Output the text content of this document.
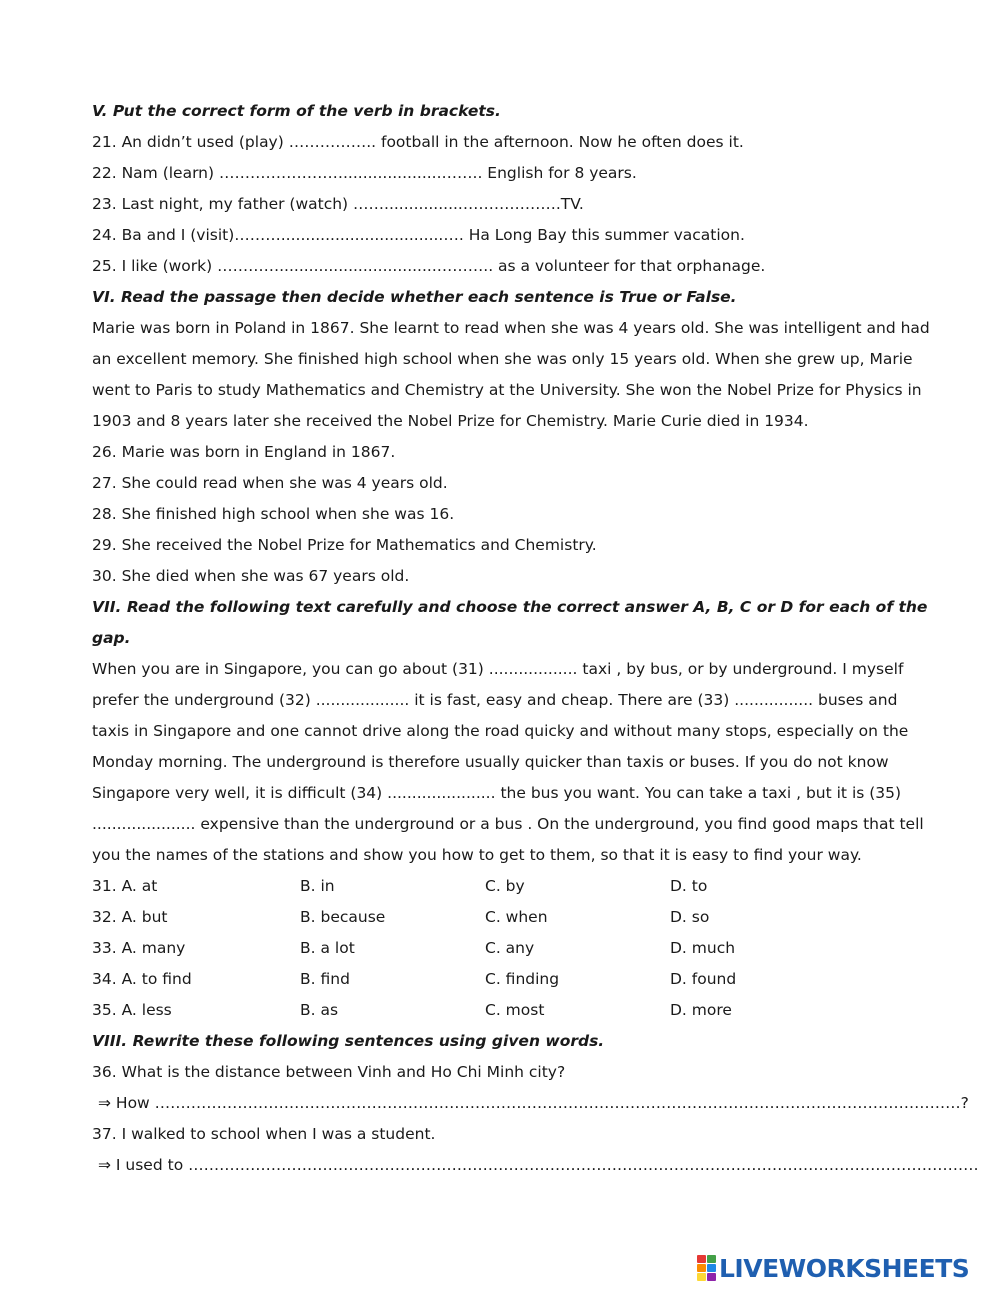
V. Put the correct form of the verb in brackets.
21. An didn’t used (play) …………….. football in the afternoon. Now he often does it.
22. Nam (learn) ……………………....................…….. English for 8 years.
23. Last night, my father (watch) ……................……………….TV.
24. Ba and I (visit)……….................................…. Ha Long Bay this summer vacation.
25. I like (work) …………................................……….. as a volunteer for that orphanage.
VI. Read the passage then decide whether each sentence is True or False.
Marie was born in Poland in 1867. She learnt to read when she was 4 years old. She was intelligent and had
an excellent memory. She finished high school when she was only 15 years old. When she grew up, Marie
went to Paris to study Mathematics and Chemistry at the University. She won the Nobel Prize for Physics in
1903 and 8 years later she received the Nobel Prize for Chemistry. Marie Curie died in 1934.
26. Marie was born in England in 1867.
27. She could read when she was 4 years old.
28. She finished high school when she was 16.
29. She received the Nobel Prize for Mathematics and Chemistry.
30. She died when she was 67 years old.
VII. Read the following text carefully and choose the correct answer A, B, C or D for each of the
gap.
When you are in Singapore, you can go about (31) .................. taxi , by bus, or by underground. I myself
prefer the underground (32) ................... it is fast, easy and cheap. There are (33) ................ buses and
taxis in Singapore and one cannot drive along the road quicky and without many stops, especially on the
Monday morning. The underground is therefore usually quicker than taxis or buses. If you do not know
Singapore very well, it is difficult (34) ...................... the bus you want. You can take a taxi , but it is (35)
..................... expensive than the underground or a bus . On the underground, you find good maps that tell
you the names of the stations and show you how to get to them, so that it is easy to find your way.
31. A. at	B. in	C. by	D. to
32. A. but	B. because	C. when	D. so
33. A. many	B. a lot	C. any	D. much
34. A. to find	B. find	C. finding	D. found
35. A. less	B. as	C. most	D. more
VIII. Rewrite these following sentences using given words.
36. What is the distance between Vinh and Ho Chi Minh city?
⇒ How …………………………………………………………………………………………………………………………………………?
37. I walked to school when I was a student.
⇒ I used to ………………………………………………………………………………………………………………………………………
LIVEWORKSHEETS
